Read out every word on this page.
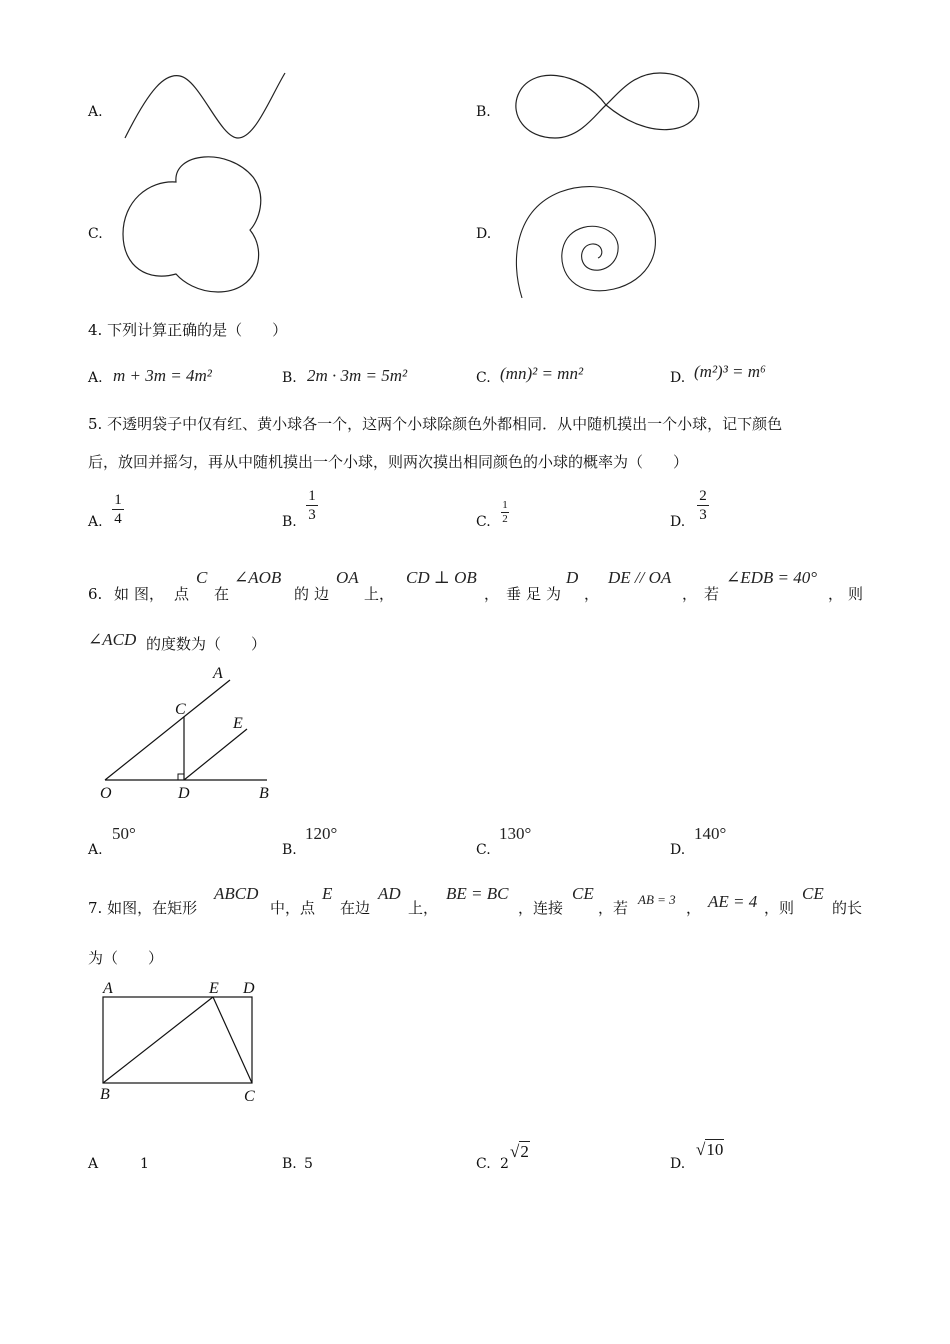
A.	B.
C.	D.
4. 下列计算正确的是（　　）
A. m + 3m = 4m²	B. 2m · 3m = 5m²	C. (mn)² = mn²	D. (m²)³ = m⁶
5. 不透明袋子中仅有红、黄小球各一个，这两个小球除颜色外都相同．从中随机摸出一个小球，记下颜色
后，放回并摇匀，再从中随机摸出一个小球，则两次摸出相同颜色的小球的概率为（　　）
A.
1
4	B.
1
3	C.
1
2	D.
2
3
6. 如 图， 点
C
在
∠AOB
的 边
OA
上，
CD ⊥ OB
， 垂 足 为
D
，
DE // OA
， 若
∠EDB = 40°
， 则
∠ACD 的度数为（　　）
A
C
E
O	D	B
A.
50°
B.
120°
C.
130°
D.
140°
7. 如图，在矩形
ABCD
中，点
E
在边
AD
上，
BE = BC
，连接
CE
，若 AB = 3 ， AE = 4 ，则
CE
的长
为（　　）
A	E D
B	C
A	1	B. 5	C. 2
√2
D.
√10
